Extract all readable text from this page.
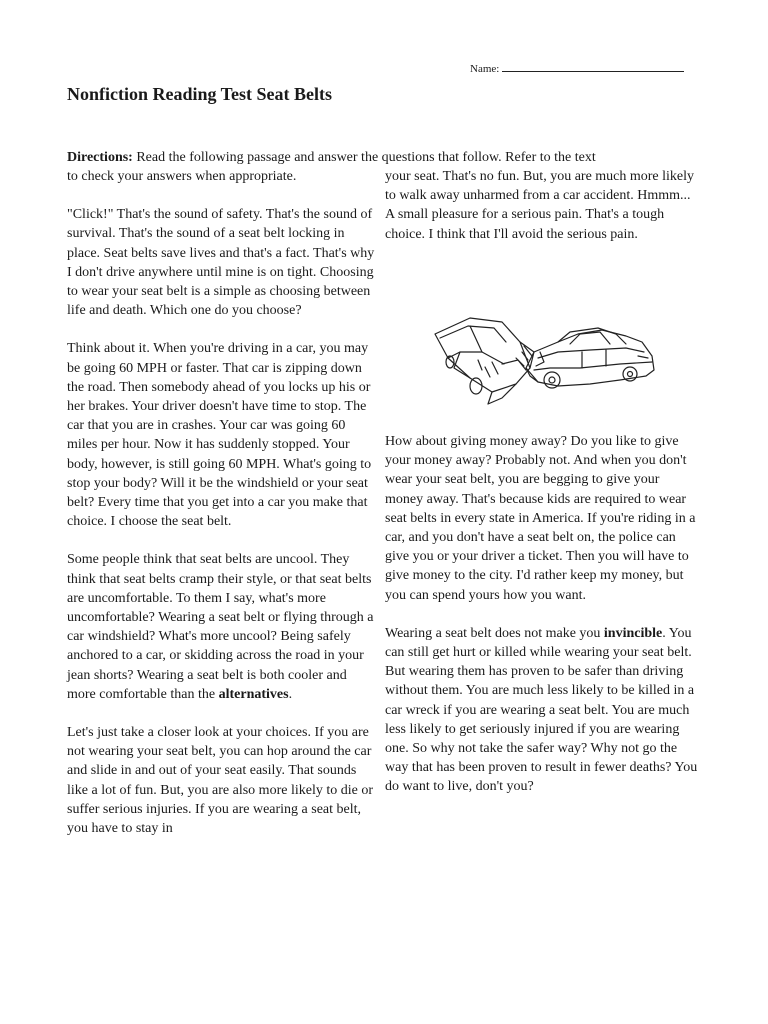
Name:
Nonfiction Reading Test Seat Belts
Directions: Read the following passage and answer the questions that follow. Refer to the text

to check your answers when appropriate.

"Click!" That's the sound of safety. That's the sound of survival. That's the sound of a seat belt locking in place. Seat belts save lives and that's a fact. That's why I don't drive anywhere until mine is on tight. Choosing to wear your seat belt is a simple as choosing between life and death. Which one do you choose?

Think about it. When you're driving in a car, you may be going 60 MPH or faster. That car is zipping down the road. Then somebody ahead of you locks up his or her brakes. Your driver doesn't have time to stop. The car that you are in crashes. Your car was going 60 miles per hour. Now it has suddenly stopped. Your body, however, is still going 60 MPH. What's going to stop your body? Will it be the windshield or your seat belt? Every time that you get into a car you make that choice. I choose the seat belt.

Some people think that seat belts are uncool. They think that seat belts cramp their style, or that seat belts are uncomfortable. To them I say, what's more uncomfortable? Wearing a seat belt or flying through a car windshield? What's more uncool? Being safely anchored to a car, or skidding across the road in your jean shorts? Wearing a seat belt is both cooler and more comfortable than the alternatives.

Let's just take a closer look at your choices. If you are not wearing your seat belt, you can hop around the car and slide in and out of your seat easily. That sounds like a lot of fun. But, you are also more likely to die or suffer serious injuries. If you are wearing a seat belt, you have to stay in

your seat. That's no fun. But, you are much more likely to walk away unharmed from a car accident. Hmmm... A small pleasure for a serious pain. That's a tough choice. I think that I'll avoid the serious pain.

How about giving money away? Do you like to give your money away? Probably not. And when you don't wear your seat belt, you are begging to give your money away. That's because kids are required to wear seat belts in every state in America. If you're riding in a car, and you don't have a seat belt on, the police can give you or your driver a ticket. Then you will have to give money to the city. I'd rather keep my money, but you can spend yours how you want.

Wearing a seat belt does not make you invincible. You can still get hurt or killed while wearing your seat belt. But wearing them has proven to be safer than driving without them. You are much less likely to be killed in a car wreck if you are wearing a seat belt. You are much less likely to get seriously injured if you are wearing one. So why not take the safer way? Why not go the way that has been proven to result in fewer deaths? You do want to live, don't you?
